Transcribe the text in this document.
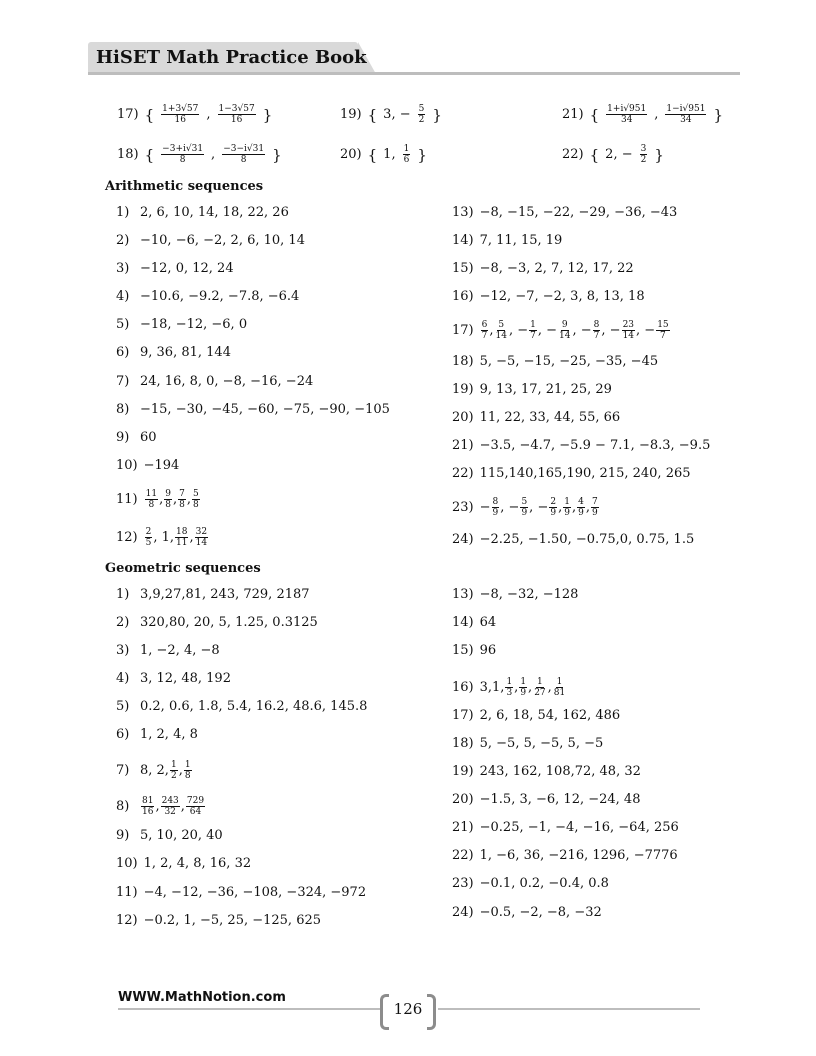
HiSET Math Practice Book
17) { 1+3√57
16 , 1−3√57
16 }
18) { −3+i√31
8 , −3−i√31
8 }
19) { 3, − $\frac{5}{2}$ }
20) { 1, 1
6 }
21) { 1+i√951
34 , 1−i√951
34 }
22) { 2, − $\frac{3}{2}$ }
Arithmetic sequences
1) 2, 6, 10, 14, 18, 22, 26
2) −10, −6, −2, 2, 6, 10, 14
3) −12, 0, 12, 24
4) −10.6, −9.2, −7.8, −6.4
5) −18, −12, −6, 0
6) 9, 36, 81, 144
7) 24, 16, 8, 0, −8, −16, −24
8) −15, −30, −45, −60, −75, −90, −105
9) 60
10) −194
$11) \frac{11}{8}$ , $\frac{9}{8}$ , $\frac{7}{8}$ , $\frac{5}{8}$
$12) \frac{2}{5}$ , 1, $\frac{18}{11}$ , $\frac{32}{14}$
13) −8, −15, −22, −29, −36, −43
14) 7, 11, 15, 19
15) −8, −3, 2, 7, 12, 17, 22
16) −12, −7, −2, 3, 8, 13, 18
$17) \frac{6}{7}$ , $\frac{5}{14}$ , − $\frac{1}{7}$ , − $\frac{9}{14}$ , − $\frac{8}{7}$ , − $\frac{23}{14}$ , − $\frac{15}{7}$
18) 5, −5, −15, −25, −35, −45
19) 9, 13, 17, 21, 25, 29
20) 11, 22, 33, 44, 55, 66
21) −3.5, −4.7, −5.9 − 7.1, −8.3, −9.5
22) 115,140,165,190, 215, 240, 265
$23) - \frac{8}{9}$ , − $\frac{5}{9}$ , − $\frac{2}{9}$ , $\frac{1}{9}$ , $\frac{4}{9}$ , $\frac{7}{9}$
24) −2.25, −1.50, −0.75,0, 0.75, 1.5
Geometric sequences
1) 3,9,27,81, 243, 729, 2187
2) 320,80, 20, 5, 1.25, 0.3125
3) 1, −2, 4, −8
4) 3, 12, 48, 192
5) 0.2, 0.6, 1.8, 5.4, 16.2, 48.6, 145.8
6) 1, 2, 4, 8
7) 8, 2, $\frac{1}{2}$ , $\frac{1}{8}$
8)	$\frac{81}{16}$ , $\frac{243}{32}$ , $\frac{729}{64}$
9) 5, 10, 20, 40
10) 1, 2, 4, 8, 16, 32
11) −4, −12, −36, −108, −324, −972
12) −0.2, 1, −5, 25, −125, 625
13) −8, −32, −128
14) 64
15) 96
16) 3,1, $\frac{1}{3}$ , $\frac{1}{9}$ , $\frac{1}{27}$ , $\frac{1}{81}$
17) 2, 6, 18, 54, 162, 486
18) 5, −5, 5, −5, 5, −5
19) 243, 162, 108,72, 48, 32
20) −1.5, 3, −6, 12, −24, 48
21) −0.25, −1, −4, −16, −64, 256
22) 1, −6, 36, −216, 1296, −7776
23) −0.1, 0.2, −0.4, 0.8
24) −0.5, −2, −8, −32
WWW.MathNotion.com
126
